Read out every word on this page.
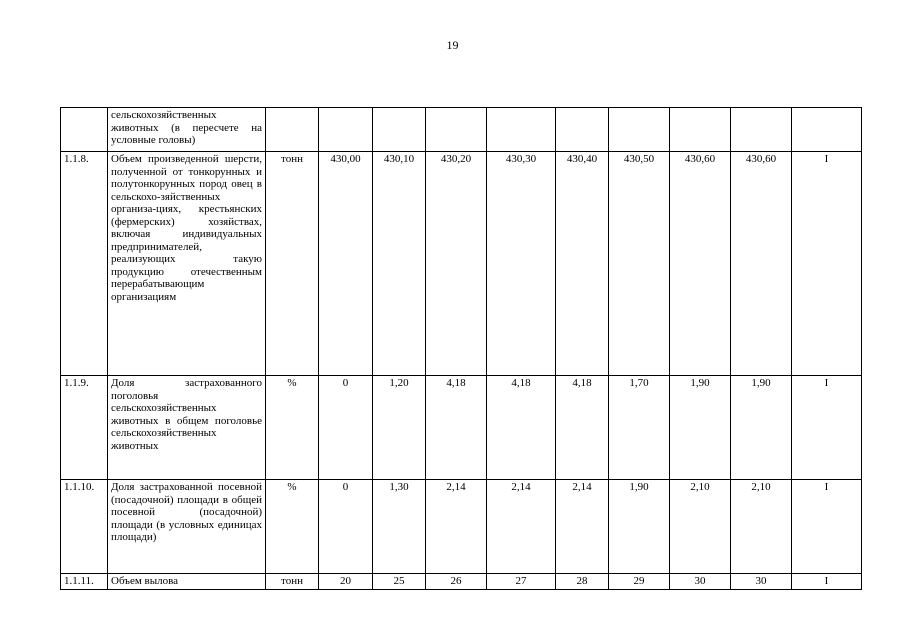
19
	сельскохозяйственных животных (в пересчете на условные головы)										
1.1.8.	Объем произведенной шерсти, полученной от тонкорунных и полутонкорунных пород овец в сельскохо-зяйственных организа-циях, крестьянских (фермерских) хозяйствах, включая индивидуальных предпринимателей, реализующих такую продукцию отечественным перерабатывающим организациям	тонн	430,00	430,10	430,20	430,30	430,40	430,50	430,60	430,60	I
1.1.9.	Доля застрахованного поголовья сельскохозяйственных животных в общем поголовье сельскохозяйственных животных	%	0	1,20	4,18	4,18	4,18	1,70	1,90	1,90	I
1.1.10.	Доля застрахованной посевной (посадочной) площади в общей посевной (посадочной) площади (в условных единицах площади)	%	0	1,30	2,14	2,14	2,14	1,90	2,10	2,10	I
1.1.11.	Объем вылова	тонн	20	25	26	27	28	29	30	30	I
